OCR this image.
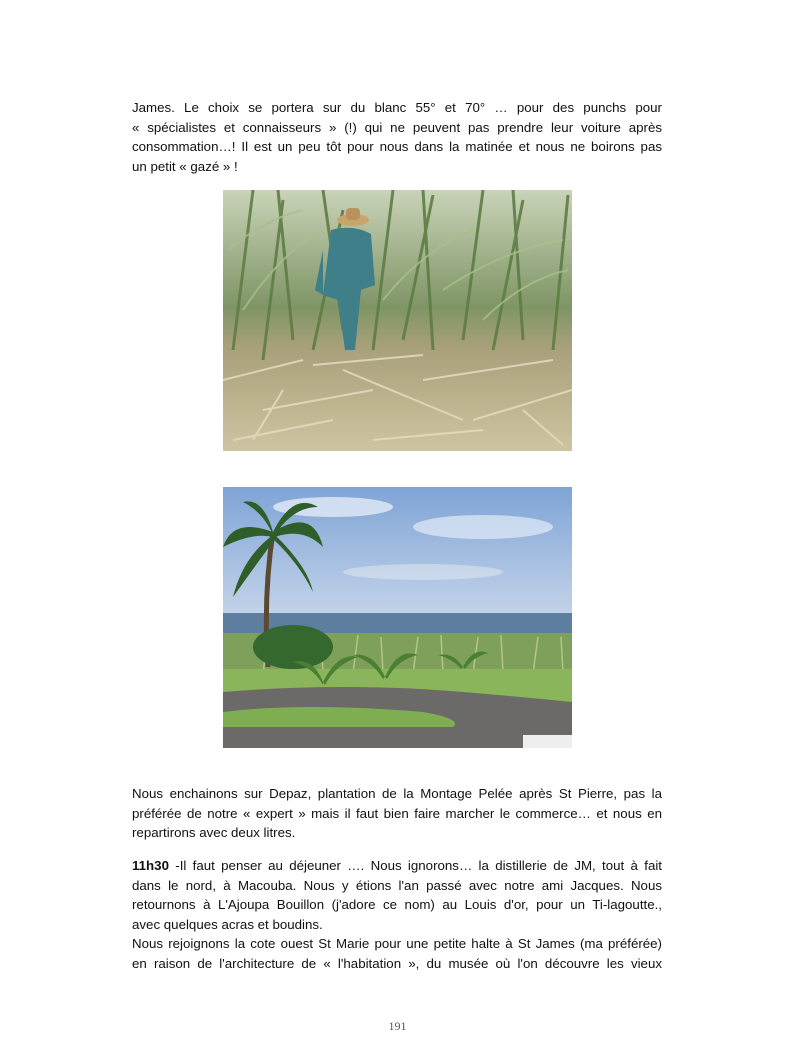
James. Le choix se portera sur du blanc 55° et 70° … pour des punchs pour
« spécialistes et connaisseurs » (!) qui ne peuvent pas prendre leur voiture après
consommation…! Il est un peu tôt pour nous dans la matinée et nous ne boirons pas
un petit « gazé » !

Nous enchainons sur Depaz, plantation de la Montage Pelée après St Pierre, pas la
préférée de notre « expert » mais il faut bien faire marcher le commerce… et nous en
repartirons avec deux litres.

11h30 -Il faut penser au déjeuner …. Nous ignorons… la distillerie de JM, tout à fait
dans le nord, à Macouba. Nous y étions l'an passé avec notre ami Jacques. Nous
retournons à L'Ajoupa Bouillon (j'adore ce nom) au Louis d'or, pour un Ti-lagoutte.,
avec quelques acras et boudins.

Nous rejoignons la cote ouest St Marie pour une petite halte à St James (ma préférée)
en raison de l'architecture de « l'habitation », du musée où l'on découvre les vieux

191
